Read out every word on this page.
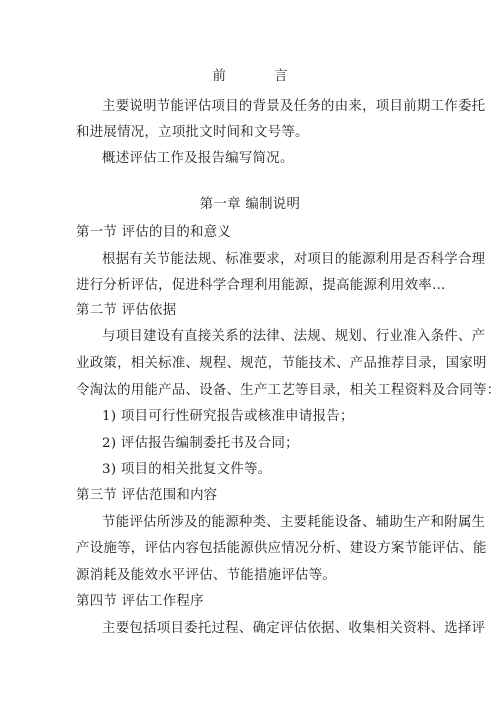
前 言
主要说明节能评估项目的背景及任务的由来，项目前期工作委托
和进展情况，立项批文时间和文号等。
概述评估工作及报告编写简况。
第一章 编制说明
第一节 评估的目的和意义
根据有关节能法规、标准要求，对项目的能源利用是否科学合理
进行分析评估，促进科学合理利用能源，提高能源利用效率…
第二节 评估依据
与项目建设有直接关系的法律、法规、规划、行业准入条件、产
业政策，相关标准、规程、规范，节能技术、产品推荐目录，国家明
令淘汰的用能产品、设备、生产工艺等目录，相关工程资料及合同等：
1) 项目可行性研究报告或核准申请报告；
2) 评估报告编制委托书及合同；
3) 项目的相关批复文件等。
第三节 评估范围和内容
节能评估所涉及的能源种类、主要耗能设备、辅助生产和附属生
产设施等，评估内容包括能源供应情况分析、建设方案节能评估、能
源消耗及能效水平评估、节能措施评估等。
第四节 评估工作程序
主要包括项目委托过程、确定评估依据、收集相关资料、选择评
